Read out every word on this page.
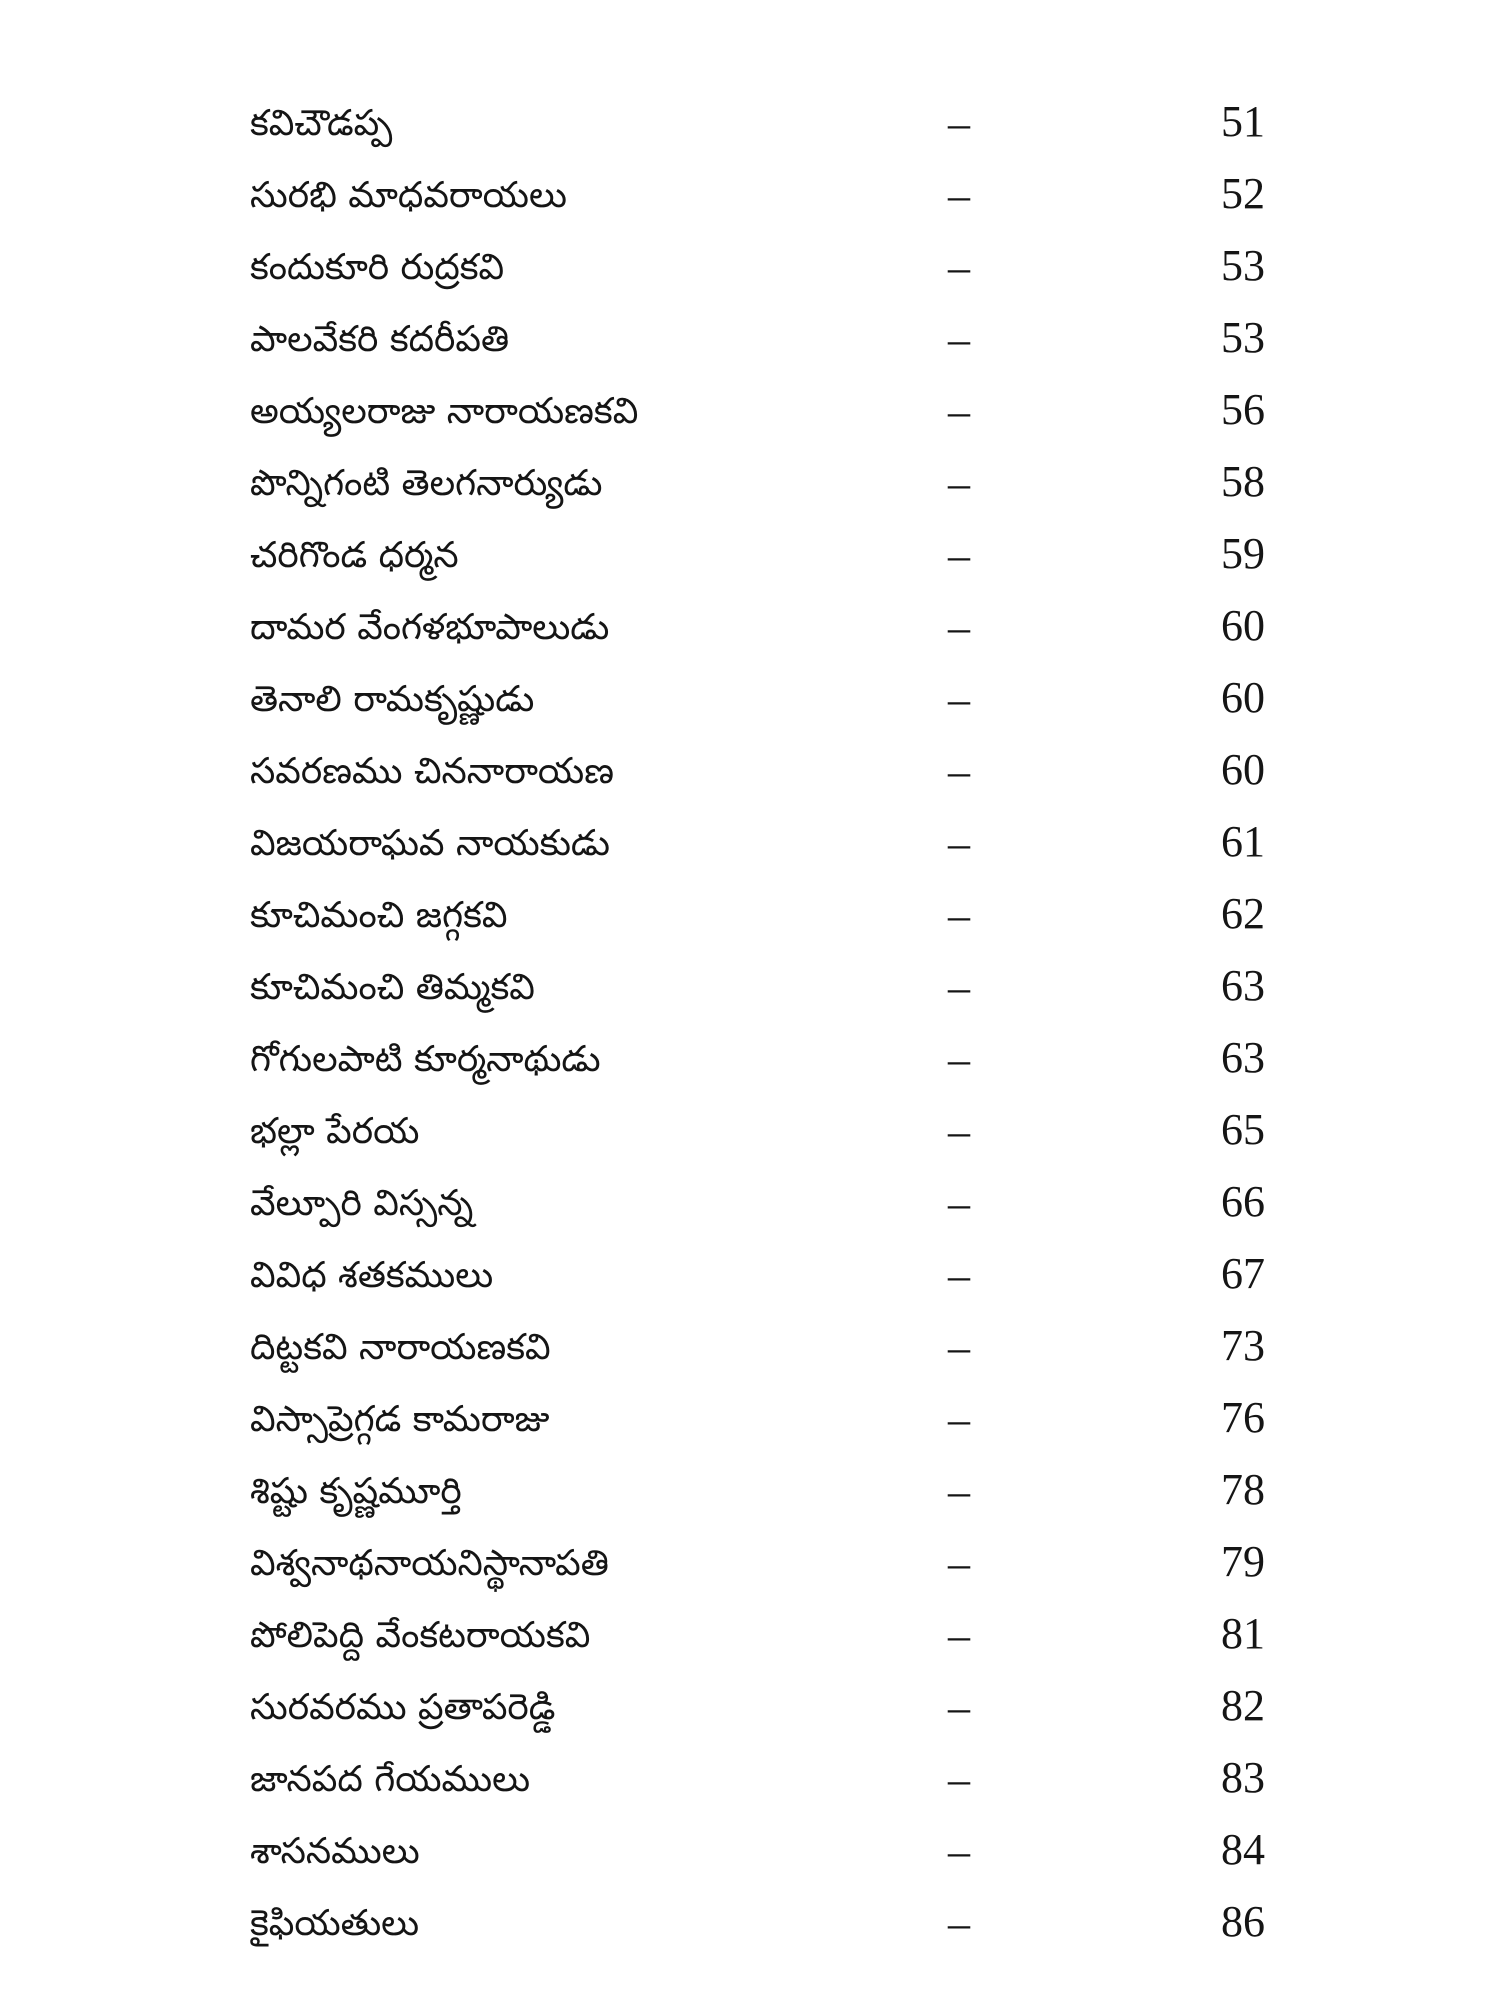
కవిచౌడప్ప	–	51
సురభి మాధవరాయలు	–	52
కందుకూరి రుద్రకవి	–	53
పాలవేకరి కదరీపతి	–	53
అయ్యలరాజు నారాయణకవి	–	56
పొన్నిగంటి తెలగనార్యుడు	–	58
చరిగొండ ధర్మన	–	59
దామర వేంగళభూపాలుడు	–	60
తెనాలి రామకృష్ణుడు	–	60
సవరణము చిననారాయణ	–	60
విజయరాఘవ నాయకుడు	–	61
కూచిమంచి జగ్గకవి	–	62
కూచిమంచి తిమ్మకవి	–	63
గోగులపాటి కూర్మనాథుడు	–	63
భల్లా పేరయ	–	65
వేల్పూరి విస్సన్న	–	66
వివిధ శతకములు	–	67
దిట్టకవి నారాయణకవి	–	73
విస్సాప్రెగ్గడ కామరాజు	–	76
శిష్టు కృష్ణమూర్తి	–	78
విశ్వనాథనాయనిస్థానాపతి	–	79
పోలిపెద్ది వేంకటరాయకవి	–	81
సురవరము ప్రతాపరెడ్డి	–	82
జానపద గేయములు	–	83
శాసనములు	–	84
కైఫియతులు	–	86
